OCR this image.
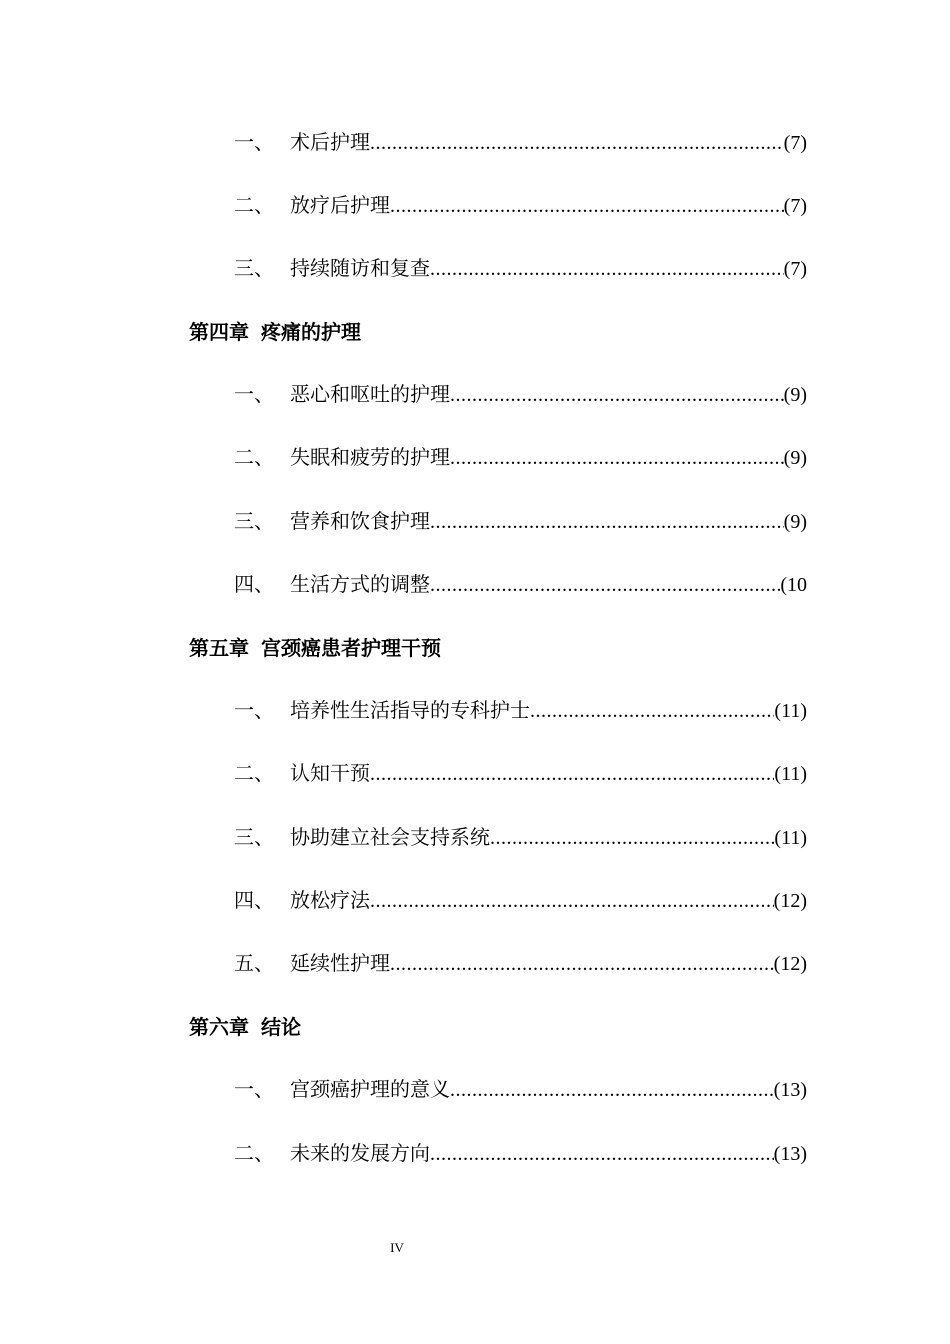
一、 术后护理 .....	(7)
二、 放疗后护理 .....	(7)
三、 持续随访和复查 .....	(7)
第四章 疼痛的护理
一、 恶心和呕吐的护理 .....	(9)
二、 失眠和疲劳的护理 .....	(9)
三、 营养和饮食护理 .....	(9)
四、 生活方式的调整 .....	(10
第五章 宫颈癌患者护理干预
一、 培养性生活指导的专科护士 .....	(11)
二、 认知干预 .....	(11)
三、 协助建立社会支持系统 .....	(11)
四、 放松疗法 .....	(12)
五、 延续性护理 .....	(12)
第六章 结论
一、 宫颈癌护理的意义 .....	(13)
二、 未来的发展方向 .....	(13)
IV
